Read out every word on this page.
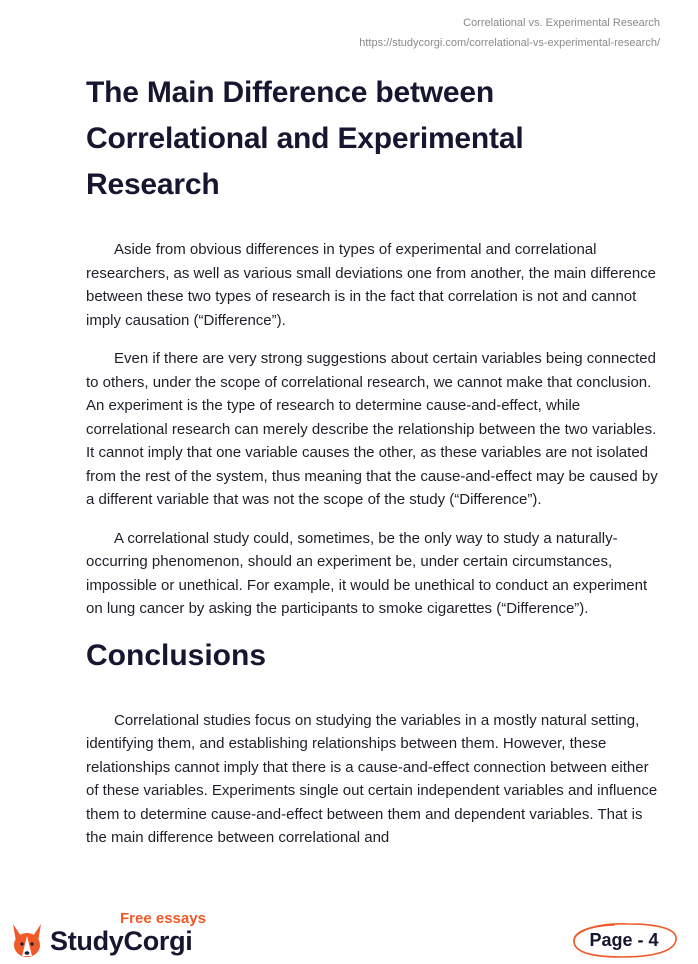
Correlational vs. Experimental Research
https://studycorgi.com/correlational-vs-experimental-research/
The Main Difference between
Correlational and Experimental
Research

Aside from obvious differences in types of experimental and correlational researchers, as well as various small deviations one from another, the main difference between these two types of research is in the fact that correlation is not and cannot imply causation (“Difference”).

Even if there are very strong suggestions about certain variables being connected to others, under the scope of correlational research, we cannot make that conclusion. An experiment is the type of research to determine cause-and-effect, while correlational research can merely describe the relationship between the two variables. It cannot imply that one variable causes the other, as these variables are not isolated from the rest of the system, thus meaning that the cause-and-effect may be caused by a different variable that was not the scope of the study (“Difference”).

A correlational study could, sometimes, be the only way to study a naturally-occurring phenomenon, should an experiment be, under certain circumstances, impossible or unethical. For example, it would be unethical to conduct an experiment on lung cancer by asking the participants to smoke cigarettes (“Difference”).

Conclusions

Correlational studies focus on studying the variables in a mostly natural setting, identifying them, and establishing relationships between them. However, these relationships cannot imply that there is a cause-and-effect connection between either of these variables. Experiments single out certain independent variables and influence them to determine cause-and-effect between them and dependent variables. That is the main difference between correlational and

Free essays
StudyCorgi	Page - 4
